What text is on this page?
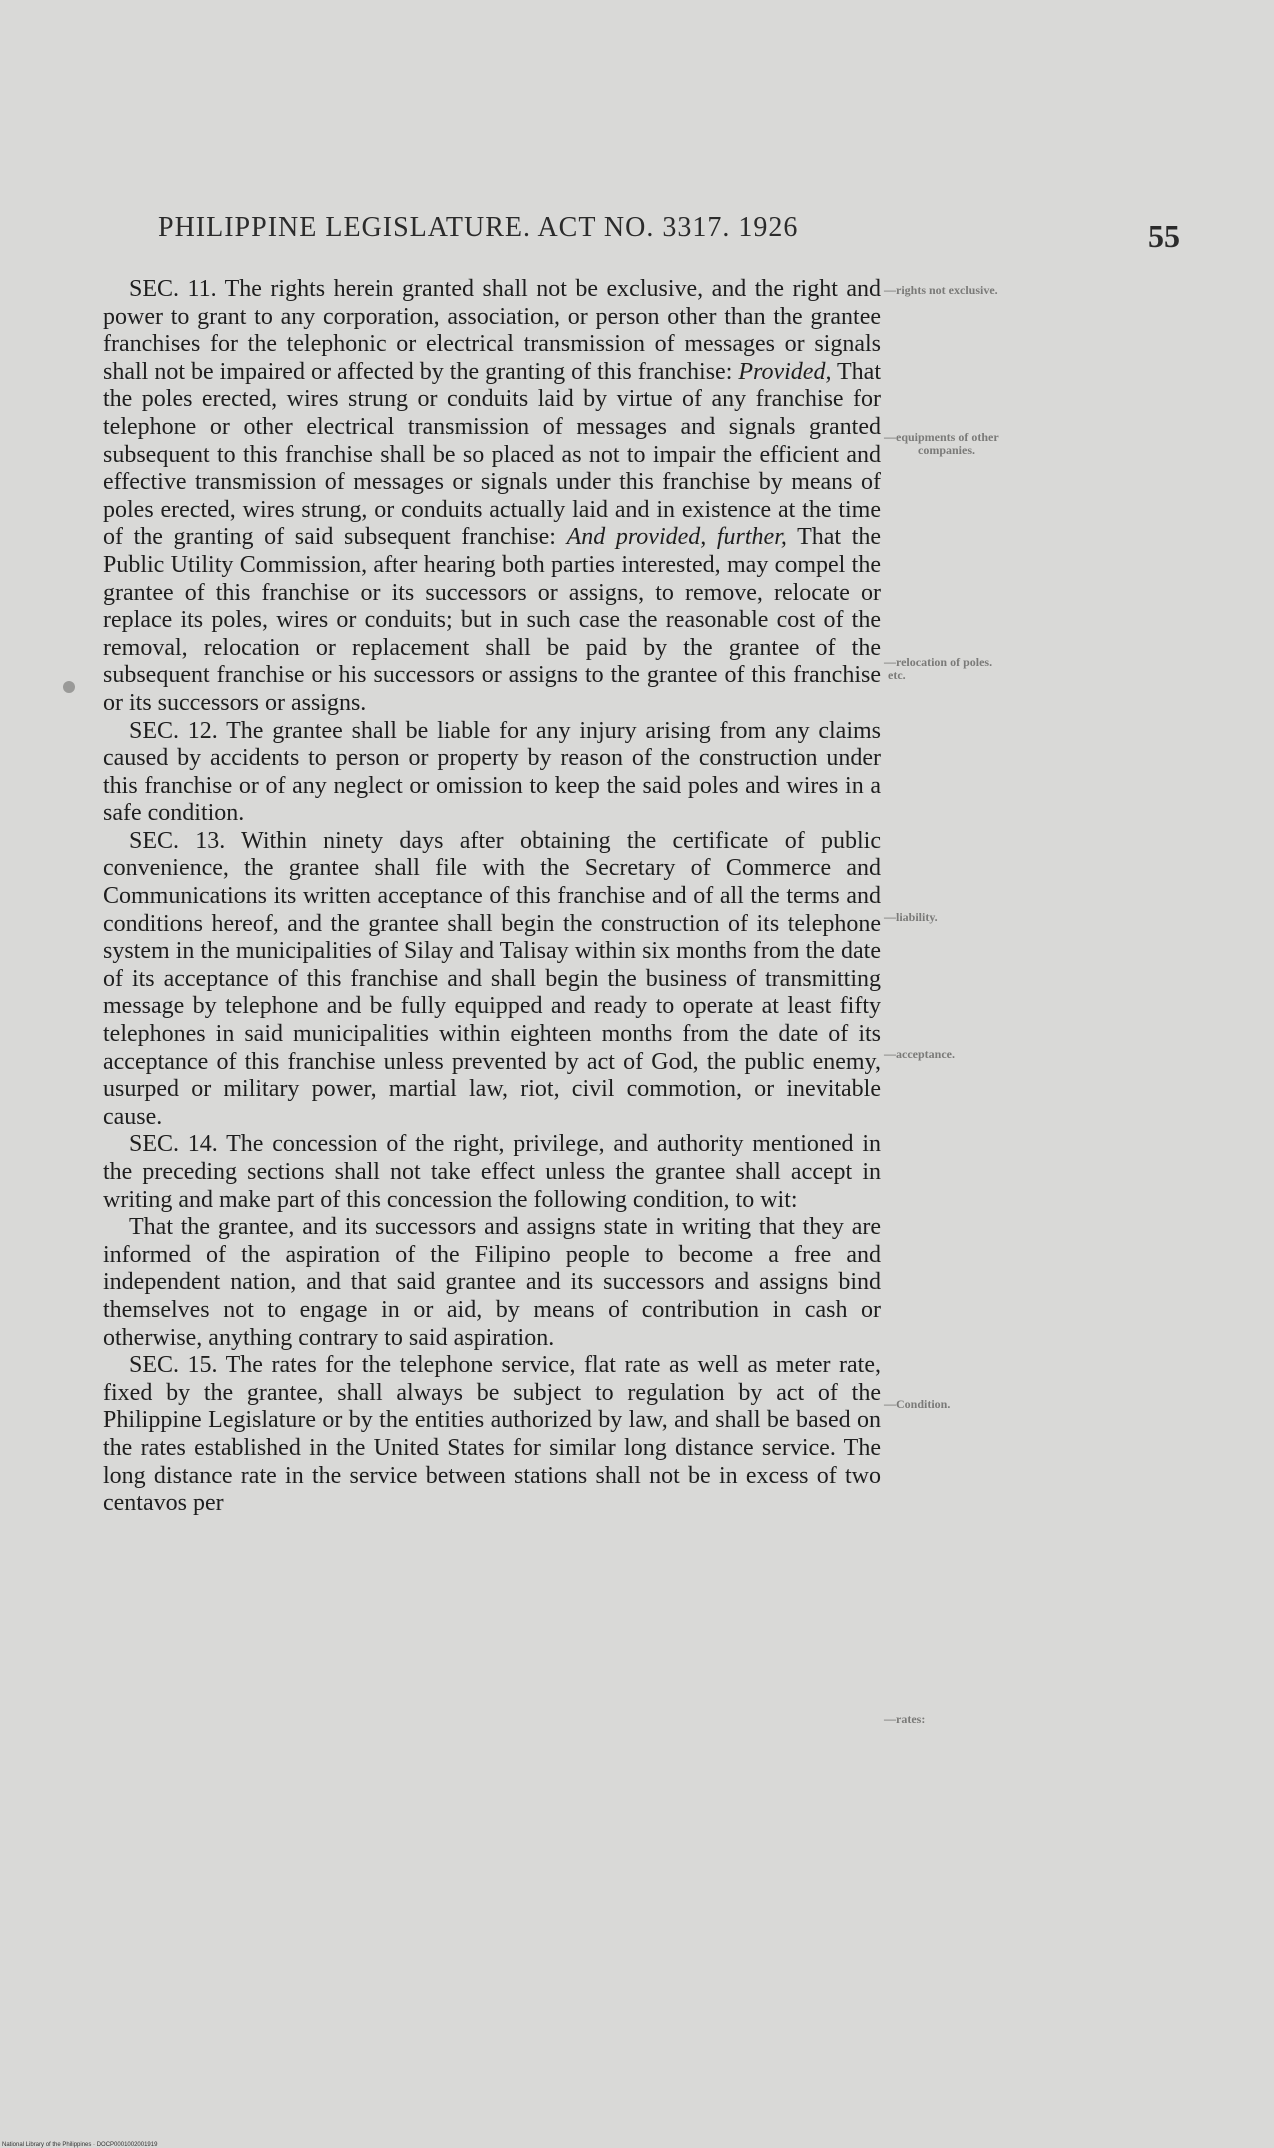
PHILIPPINE LEGISLATURE. ACT NO. 3317. 1926	55

SEC. 11. The rights herein granted shall not be exclusive, and the right and power to grant to any corporation, association, or person other than the grantee franchises for the telephonic or electrical transmission of messages or signals shall not be impaired or affected by the granting of this franchise: Provided, That the poles erected, wires strung or conduits laid by virtue of any franchise for telephone or other electrical transmission of messages and signals granted subsequent to this franchise shall be so placed as not to impair the efficient and effective transmission of messages or signals under this franchise by means of poles erected, wires strung, or conduits actually laid and in existence at the time of the granting of said subsequent franchise: And provided, further, That the Public Utility Commission, after hearing both parties interested, may compel the grantee of this franchise or its successors or assigns, to remove, relocate or replace its poles, wires or conduits; but in such case the reasonable cost of the removal, relocation or replacement shall be paid by the grantee of the subsequent franchise or his successors or assigns to the grantee of this franchise or its successors or assigns.

SEC. 12. The grantee shall be liable for any injury arising from any claims caused by accidents to person or property by reason of the construction under this franchise or of any neglect or omission to keep the said poles and wires in a safe condition.

SEC. 13. Within ninety days after obtaining the certificate of public convenience, the grantee shall file with the Secretary of Commerce and Communications its written acceptance of this franchise and of all the terms and conditions hereof, and the grantee shall begin the construction of its telephone system in the municipalities of Silay and Talisay within six months from the date of its acceptance of this franchise and shall begin the business of transmitting message by telephone and be fully equipped and ready to operate at least fifty telephones in said municipalities within eighteen months from the date of its acceptance of this franchise unless prevented by act of God, the public enemy, usurped or military power, martial law, riot, civil commotion, or inevitable cause.

SEC. 14. The concession of the right, privilege, and authority mentioned in the preceding sections shall not take effect unless the grantee shall accept in writing and make part of this concession the following condition, to wit:

That the grantee, and its successors and assigns state in writing that they are informed of the aspiration of the Filipino people to become a free and independent nation, and that said grantee and its successors and assigns bind themselves not to engage in or aid, by means of contribution in cash or otherwise, anything contrary to said aspiration.

SEC. 15. The rates for the telephone service, flat rate as well as meter rate, fixed by the grantee, shall always be subject to regulation by act of the Philippine Legislature or by the entities authorized by law, and shall be based on the rates established in the United States for similar long distance service. The long distance rate in the service between stations shall not be in excess of two centavos per

—rights not exclusive.
—equipments of other
companies.
—relocation of poles.
etc.
—liability.
—acceptance.
—Condition.
—rates:
National Library of the Philippines · DOCP0001002001919
